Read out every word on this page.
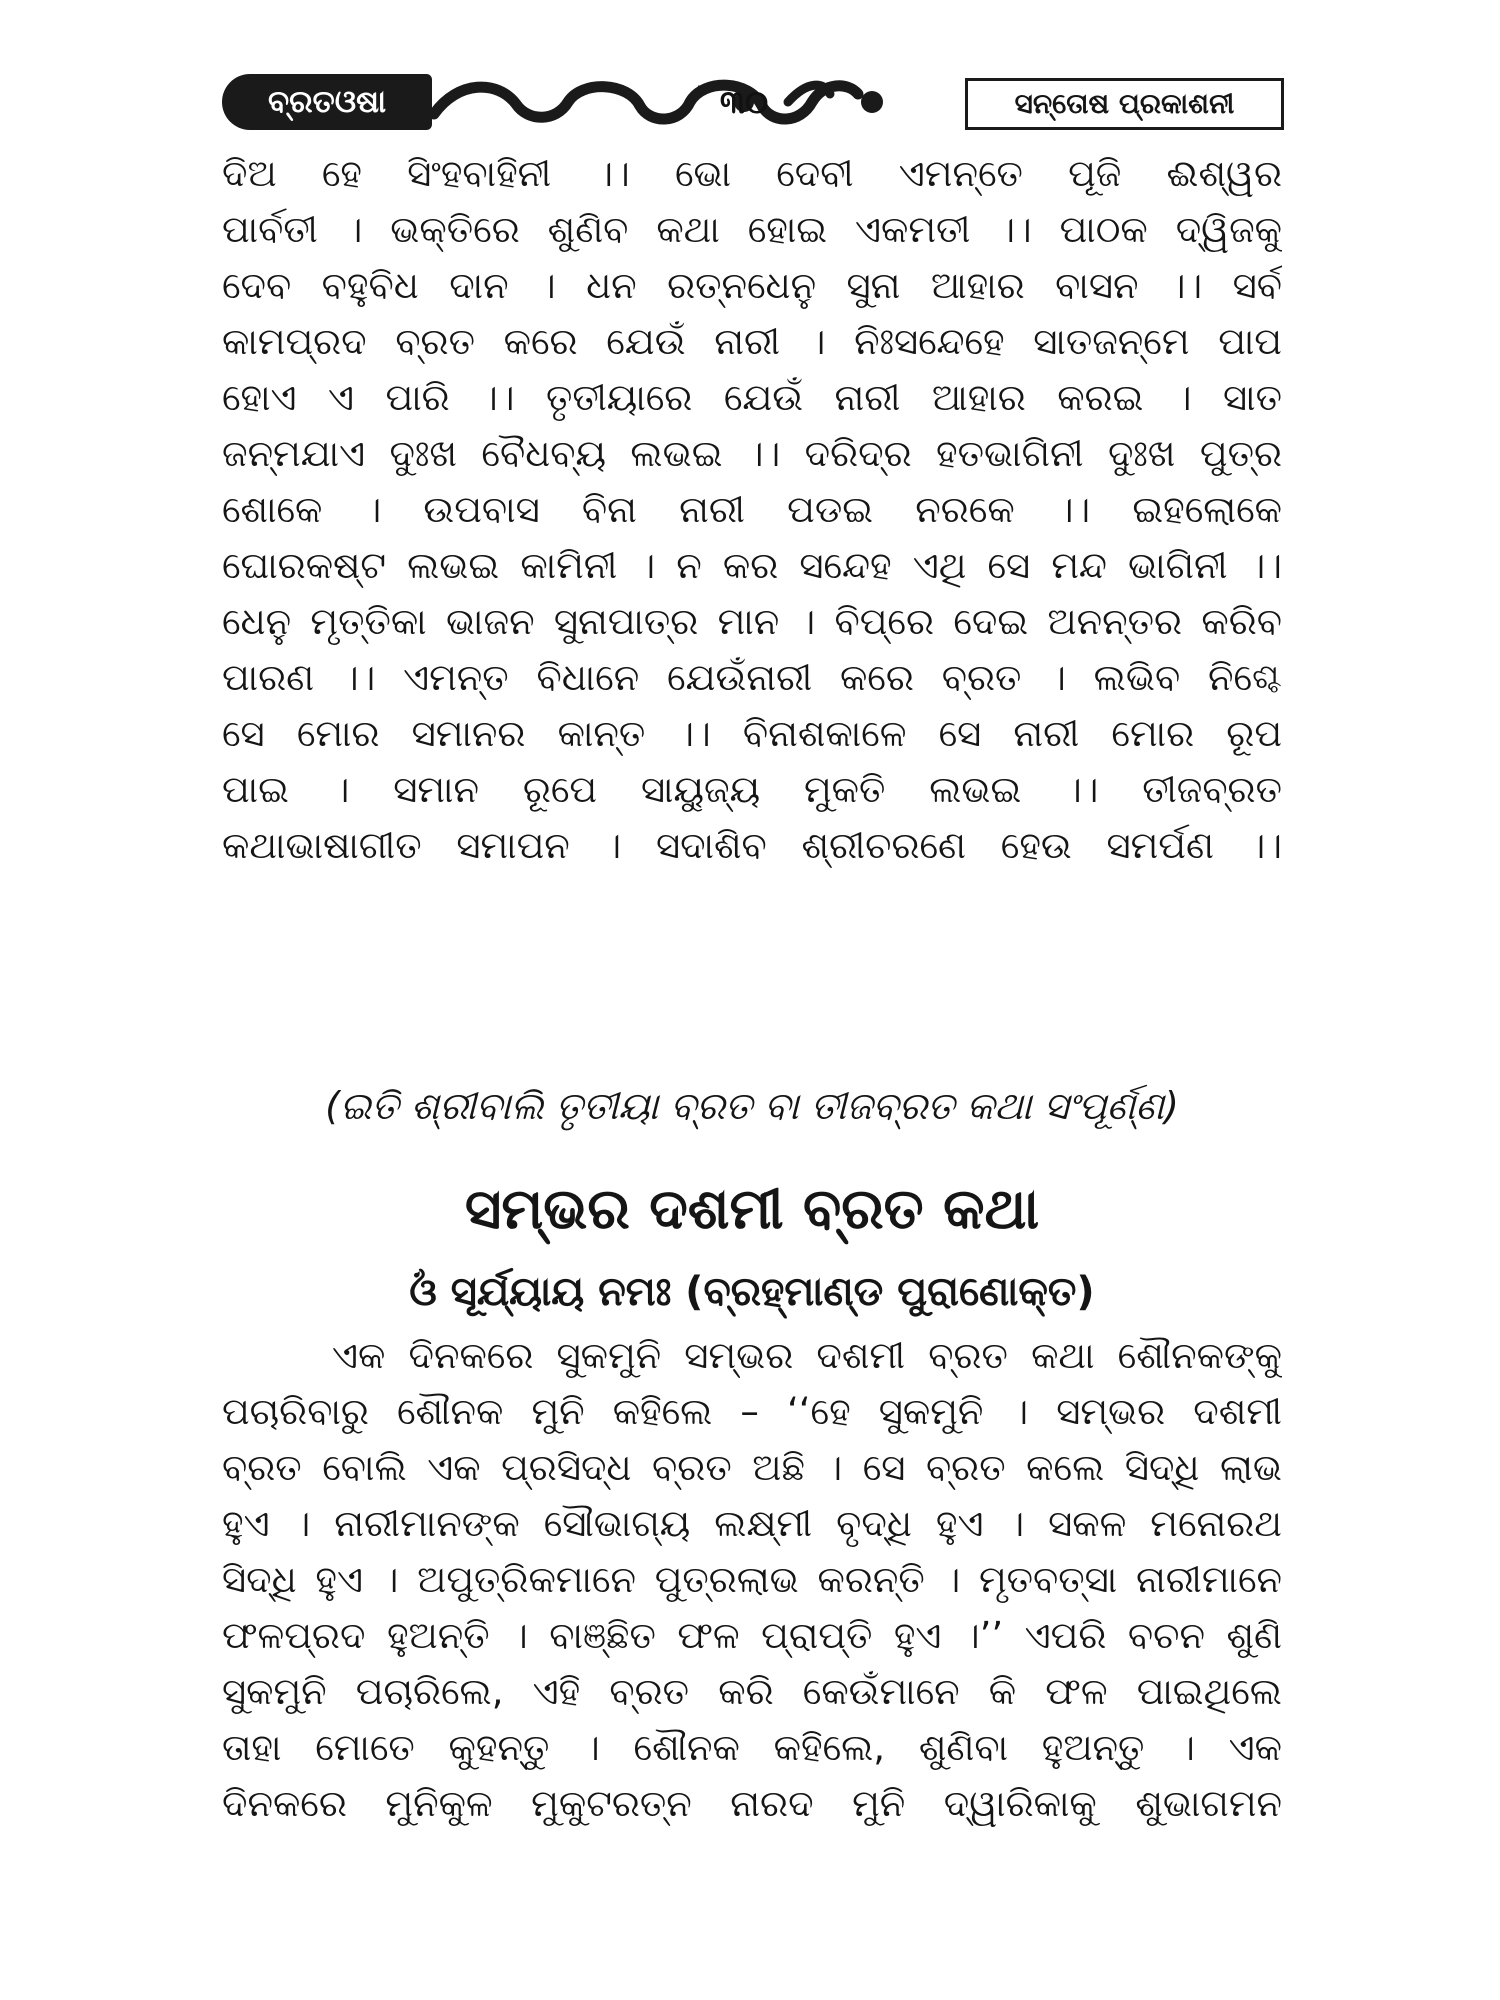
ବ୍ରତଓଷା	୩୦	ସନ୍ତୋଷ ପ୍ରକାଶନୀ
ଦିଅ ହେ ସିଂହବାହିନୀ ।। ଭୋ ଦେବୀ ଏମନ୍ତେ ପୂଜି ଈଶ୍ୱର
ପାର୍ବତୀ । ଭକ୍ତିରେ ଶୁଣିବ କଥା ହୋଇ ଏକମତୀ ।। ପାଠକ ଦ୍ୱିଜକୁ
ଦେବ ବହୁବିଧ ଦାନ । ଧନ ରତ୍ନଧେନୁ ସୁନା ଆହାର ବାସନ ।। ସର୍ବ
କାମପ୍ରଦ ବ୍ରତ କରେ ଯେଉଁ ନାରୀ । ନିଃସନ୍ଦେହେ ସାତଜନ୍ମେ ପାପ
ହୋଏ ଏ ପାରି ।। ତୃତୀୟାରେ ଯେଉଁ ନାରୀ ଆହାର କରଇ । ସାତ
ଜନ୍ମଯାଏ ଦୁଃଖ ବୈଧବ୍ୟ ଲଭଇ ।। ଦରିଦ୍ର ହତଭାଗିନୀ ଦୁଃଖ ପୁତ୍ର
ଶୋକେ । ଉପବାସ ବିନା ନାରୀ ପଡଇ ନରକେ ।। ଇହଲୋକେ
ଘୋରକଷ୍ଟ ଲଭଇ କାମିନୀ । ନ କର ସନ୍ଦେହ ଏଥି ସେ ମନ୍ଦ ଭାଗିନୀ ।।
ଧେନୁ ମୃତ୍ତିକା ଭାଜନ ସୁନାପାତ୍ର ମାନ । ବିପ୍ରେ ଦେଇ ଅନନ୍ତର କରିବ
ପାରଣ ।। ଏମନ୍ତ ବିଧାନେ ଯେଉଁନାରୀ କରେ ବ୍ରତ । ଲଭିବ ନିଶ୍ଚେ
ସେ ମୋର ସମାନର କାନ୍ତ ।। ବିନାଶକାଳେ ସେ ନାରୀ ମୋର ରୂପ
ପାଇ । ସମାନ ରୂପେ ସାୟୁଜ୍ୟ ମୁକତି ଲଭଇ ।। ତୀଜବ୍ରତ
କଥାଭାଷାଗୀତ ସମାପନ । ସଦାଶିବ ଶ୍ରୀଚରଣେ ହେଉ ସମର୍ପଣ ।।
(ଇତି ଶ୍ରୀବାଲି ତୃତୀୟା ବ୍ରତ ବା ତୀଜବ୍ରତ କଥା ସଂପୂର୍ଣ୍ଣ)
ସମ୍ଭର ଦଶମୀ ବ୍ରତ କଥା
ଓଁ ସୂର୍ଯ୍ୟାୟ ନମଃ (ବ୍ରହ୍ମାଣ୍ଡ ପୁରାଣୋକ୍ତ)
ଏକ ଦିନକରେ ସୁକମୁନି ସମ୍ଭର ଦଶମୀ ବ୍ରତ କଥା ଶୌନକଙ୍କୁ
ପଚାରିବାରୁ ଶୌନକ ମୁନି କହିଲେ – ‘‘ହେ ସୁକମୁନି । ସମ୍ଭର ଦଶମୀ
ବ୍ରତ ବୋଲି ଏକ ପ୍ରସିଦ୍ଧ ବ୍ରତ ଅଛି । ସେ ବ୍ରତ କଲେ ସିଦ୍ଧି ଲାଭ
ହୁଏ । ନାରୀମାନଙ୍କ ସୌଭାଗ୍ୟ ଲକ୍ଷ୍ମୀ ବୃଦ୍ଧି ହୁଏ । ସକଳ ମନୋରଥ
ସିଦ୍ଧି ହୁଏ । ଅପୁତ୍ରିକମାନେ ପୁତ୍ରଲାଭ କରନ୍ତି । ମୃତବତ୍ସା ନାରୀମାନେ
ଫଳପ୍ରଦ ହୁଅନ୍ତି । ବାଞ୍ଛିତ ଫଳ ପ୍ରାପ୍ତି ହୁଏ ।’’ ଏପରି ବଚନ ଶୁଣି
ସୁକମୁନି ପଚାରିଲେ, ଏହି ବ୍ରତ କରି କେଉଁମାନେ କି ଫଳ ପାଇଥିଲେ
ତାହା ମୋତେ କୁହନ୍ତୁ । ଶୌନକ କହିଲେ, ଶୁଣିବା ହୁଅନ୍ତୁ । ଏକ
ଦିନକରେ ମୁନିକୁଳ ମୁକୁଟରତ୍ନ ନାରଦ ମୁନି ଦ୍ୱାରିକାକୁ ଶୁଭାଗମନ
